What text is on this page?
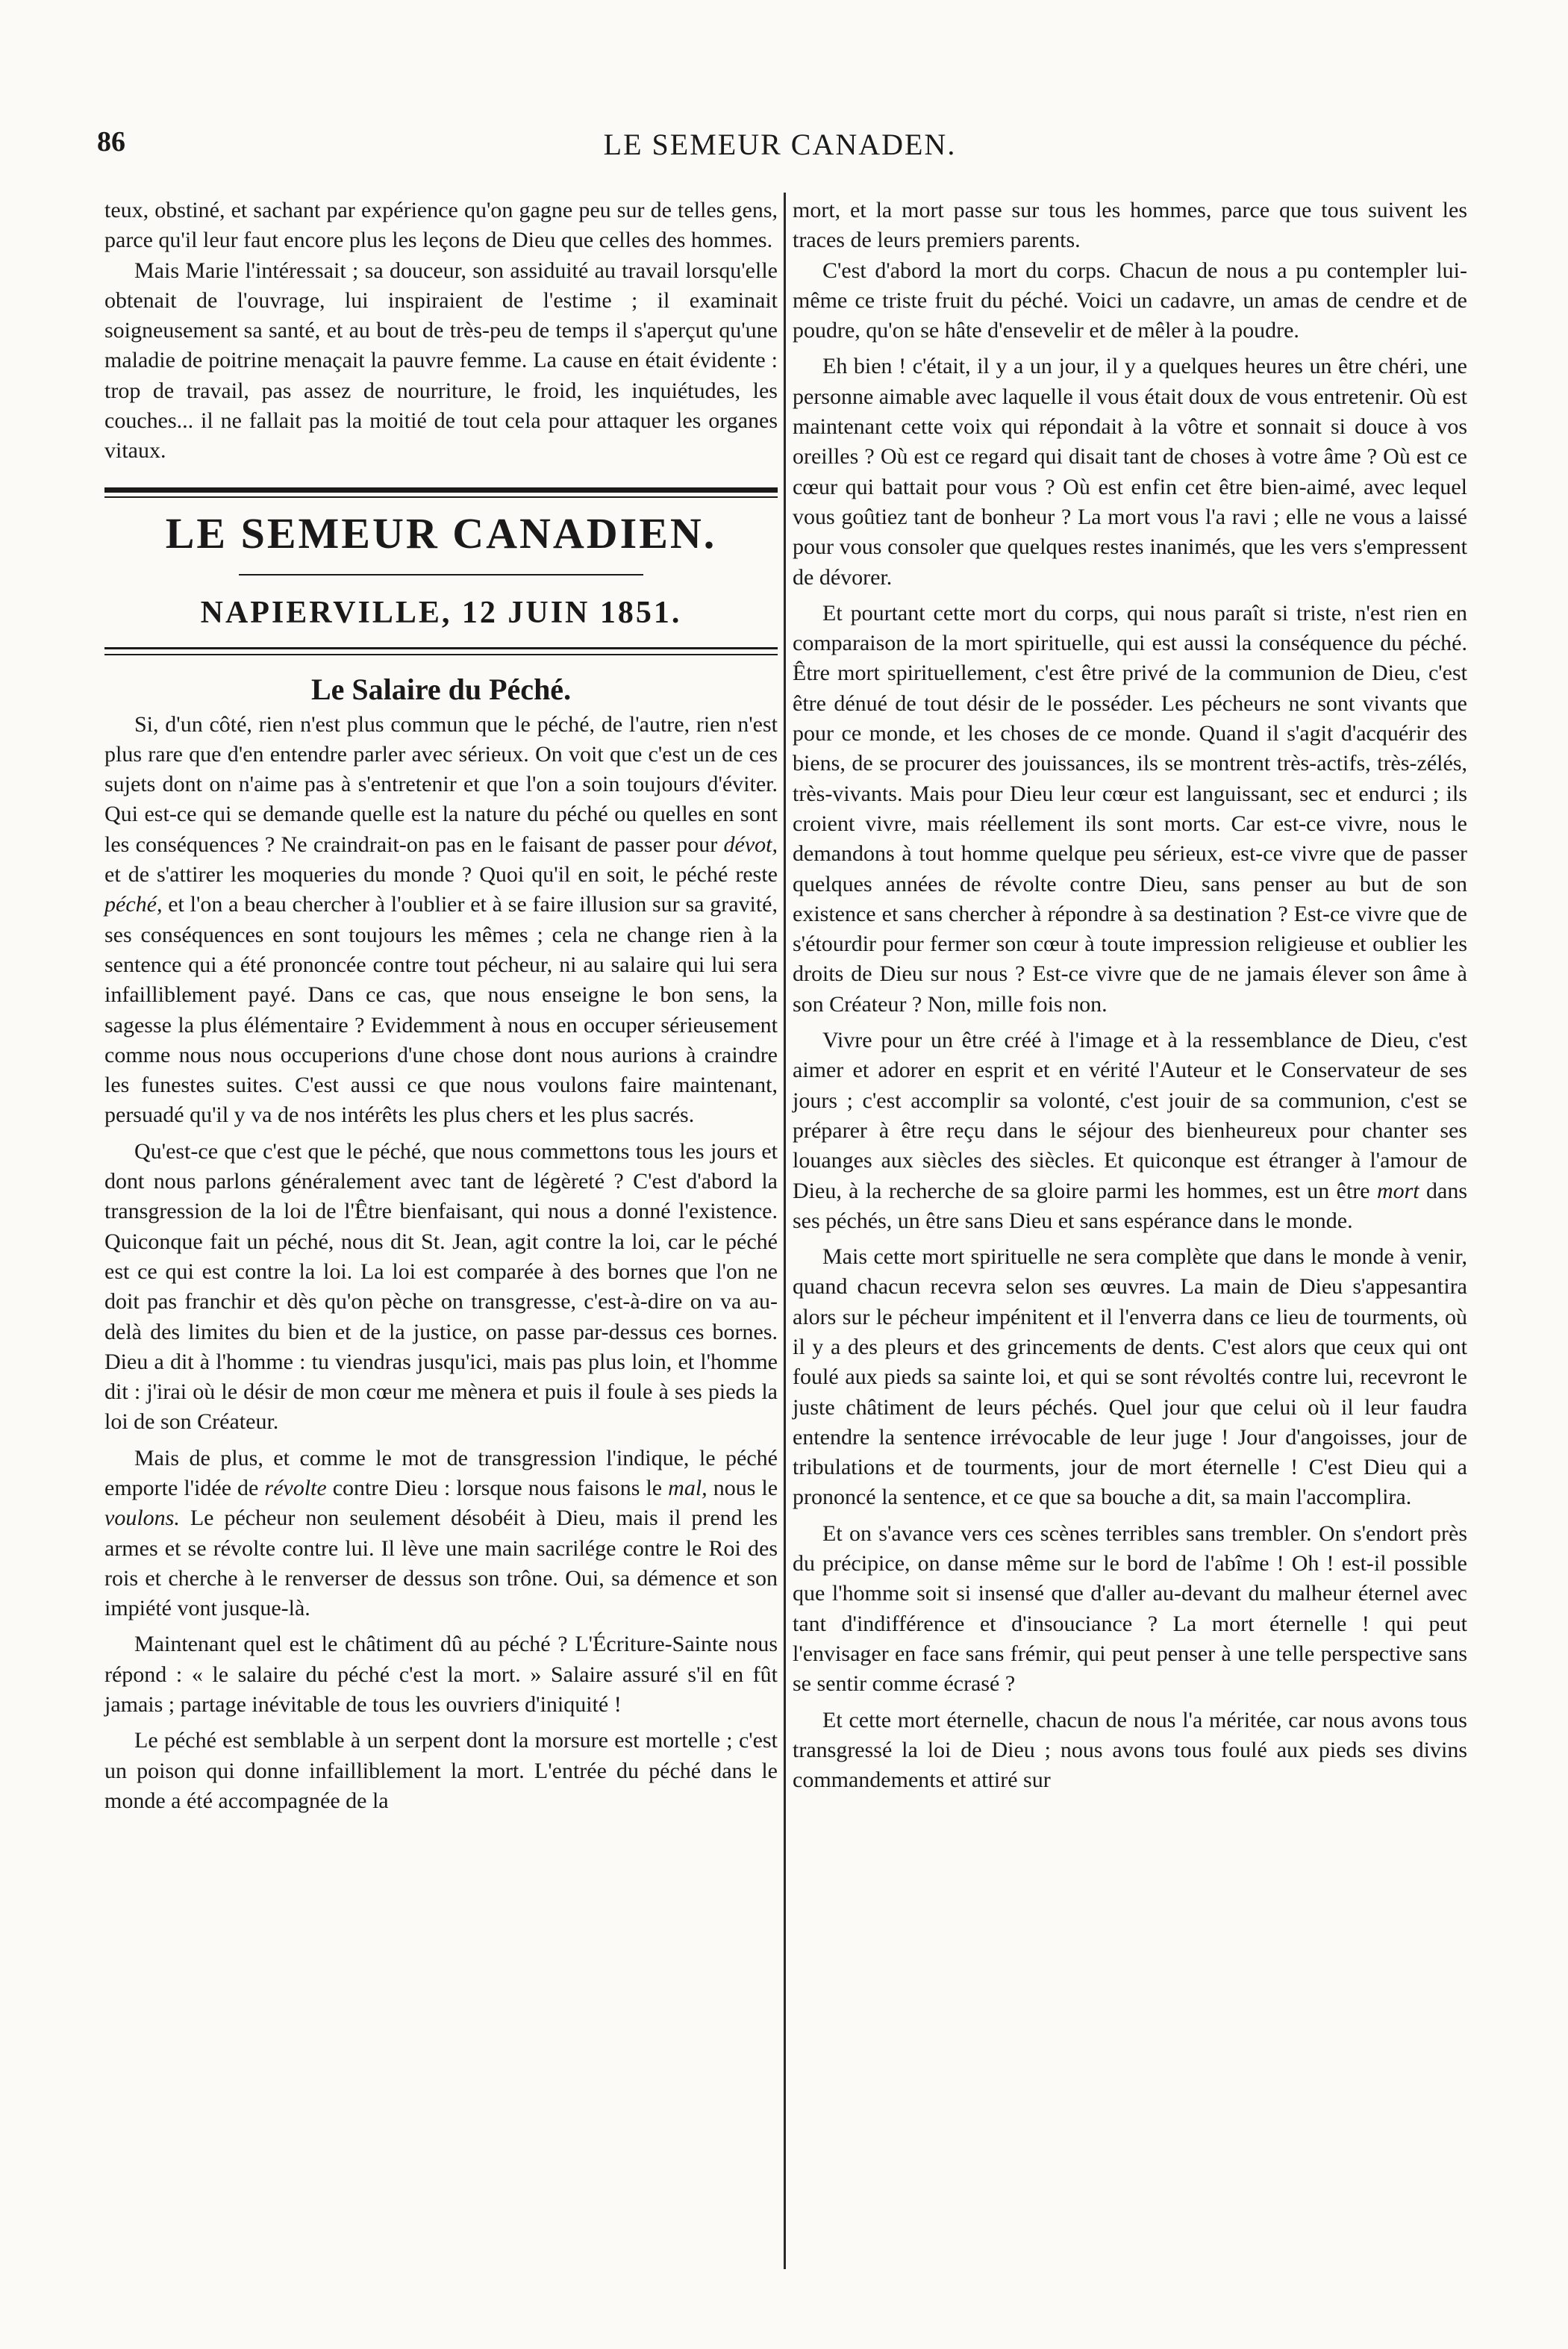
86	LE SEMEUR CANADEN.

teux, obstiné, et sachant par expérience qu'on gagne peu sur de telles gens, parce qu'il leur faut encore plus les leçons de Dieu que celles des hommes.

Mais Marie l'intéressait ; sa douceur, son assiduité au travail lorsqu'elle obtenait de l'ouvrage, lui inspiraient de l'estime ; il examinait soigneusement sa santé, et au bout de très-peu de temps il s'aperçut qu'une maladie de poitrine menaçait la pauvre femme. La cause en était évidente : trop de travail, pas assez de nourriture, le froid, les inquiétudes, les couches... il ne fallait pas la moitié de tout cela pour attaquer les organes vitaux.

LE SEMEUR CANADIEN.
NAPIERVILLE, 12 JUIN 1851.
Le Salaire du Péché.

Si, d'un côté, rien n'est plus commun que le péché, de l'autre, rien n'est plus rare que d'en entendre parler avec sérieux. On voit que c'est un de ces sujets dont on n'aime pas à s'entretenir et que l'on a soin toujours d'éviter. Qui est-ce qui se demande quelle est la nature du péché ou quelles en sont les conséquences ? Ne craindrait-on pas en le faisant de passer pour dévot, et de s'attirer les moqueries du monde ? Quoi qu'il en soit, le péché reste péché, et l'on a beau chercher à l'oublier et à se faire illusion sur sa gravité, ses conséquences en sont toujours les mêmes ; cela ne change rien à la sentence qui a été prononcée contre tout pécheur, ni au salaire qui lui sera infailliblement payé. Dans ce cas, que nous enseigne le bon sens, la sagesse la plus élémentaire ? Evidemment à nous en occuper sérieusement comme nous nous occuperions d'une chose dont nous aurions à craindre les funestes suites. C'est aussi ce que nous voulons faire maintenant, persuadé qu'il y va de nos intérêts les plus chers et les plus sacrés.

Qu'est-ce que c'est que le péché, que nous commettons tous les jours et dont nous parlons généralement avec tant de légèreté ? C'est d'abord la transgression de la loi de l'Être bienfaisant, qui nous a donné l'existence. Quiconque fait un péché, nous dit St. Jean, agit contre la loi, car le péché est ce qui est contre la loi. La loi est comparée à des bornes que l'on ne doit pas franchir et dès qu'on pèche on transgresse, c'est-à-dire on va au-delà des limites du bien et de la justice, on passe par-dessus ces bornes. Dieu a dit à l'homme : tu viendras jusqu'ici, mais pas plus loin, et l'homme dit : j'irai où le désir de mon cœur me mènera et puis il foule à ses pieds la loi de son Créateur.

Mais de plus, et comme le mot de transgression l'indique, le péché emporte l'idée de révolte contre Dieu : lorsque nous faisons le mal, nous le voulons. Le pécheur non seulement désobéit à Dieu, mais il prend les armes et se révolte contre lui. Il lève une main sacrilége contre le Roi des rois et cherche à le renverser de dessus son trône. Oui, sa démence et son impiété vont jusque-là.

Maintenant quel est le châtiment dû au péché ? L'Écriture-Sainte nous répond : « le salaire du péché c'est la mort. » Salaire assuré s'il en fût jamais ; partage inévitable de tous les ouvriers d'iniquité !

Le péché est semblable à un serpent dont la morsure est mortelle ; c'est un poison qui donne infailliblement la mort. L'entrée du péché dans le monde a été accompagnée de la

mort, et la mort passe sur tous les hommes, parce que tous suivent les traces de leurs premiers parents.

C'est d'abord la mort du corps. Chacun de nous a pu contempler lui-même ce triste fruit du péché. Voici un cadavre, un amas de cendre et de poudre, qu'on se hâte d'ensevelir et de mêler à la poudre.

Eh bien ! c'était, il y a un jour, il y a quelques heures un être chéri, une personne aimable avec laquelle il vous était doux de vous entretenir. Où est maintenant cette voix qui répondait à la vôtre et sonnait si douce à vos oreilles ? Où est ce regard qui disait tant de choses à votre âme ? Où est ce cœur qui battait pour vous ? Où est enfin cet être bien-aimé, avec lequel vous goûtiez tant de bonheur ? La mort vous l'a ravi ; elle ne vous a laissé pour vous consoler que quelques restes inanimés, que les vers s'empressent de dévorer.

Et pourtant cette mort du corps, qui nous paraît si triste, n'est rien en comparaison de la mort spirituelle, qui est aussi la conséquence du péché. Être mort spirituellement, c'est être privé de la communion de Dieu, c'est être dénué de tout désir de le posséder. Les pécheurs ne sont vivants que pour ce monde, et les choses de ce monde. Quand il s'agit d'acquérir des biens, de se procurer des jouissances, ils se montrent très-actifs, très-zélés, très-vivants. Mais pour Dieu leur cœur est languissant, sec et endurci ; ils croient vivre, mais réellement ils sont morts. Car est-ce vivre, nous le demandons à tout homme quelque peu sérieux, est-ce vivre que de passer quelques années de révolte contre Dieu, sans penser au but de son existence et sans chercher à répondre à sa destination ? Est-ce vivre que de s'étourdir pour fermer son cœur à toute impression religieuse et oublier les droits de Dieu sur nous ? Est-ce vivre que de ne jamais élever son âme à son Créateur ? Non, mille fois non.

Vivre pour un être créé à l'image et à la ressemblance de Dieu, c'est aimer et adorer en esprit et en vérité l'Auteur et le Conservateur de ses jours ; c'est accomplir sa volonté, c'est jouir de sa communion, c'est se préparer à être reçu dans le séjour des bienheureux pour chanter ses louanges aux siècles des siècles. Et quiconque est étranger à l'amour de Dieu, à la recherche de sa gloire parmi les hommes, est un être mort dans ses péchés, un être sans Dieu et sans espérance dans le monde.

Mais cette mort spirituelle ne sera complète que dans le monde à venir, quand chacun recevra selon ses œuvres. La main de Dieu s'appesantira alors sur le pécheur impénitent et il l'enverra dans ce lieu de tourments, où il y a des pleurs et des grincements de dents. C'est alors que ceux qui ont foulé aux pieds sa sainte loi, et qui se sont révoltés contre lui, recevront le juste châtiment de leurs péchés. Quel jour que celui où il leur faudra entendre la sentence irrévocable de leur juge ! Jour d'angoisses, jour de tribulations et de tourments, jour de mort éternelle ! C'est Dieu qui a prononcé la sentence, et ce que sa bouche a dit, sa main l'accomplira.

Et on s'avance vers ces scènes terribles sans trembler. On s'endort près du précipice, on danse même sur le bord de l'abîme ! Oh ! est-il possible que l'homme soit si insensé que d'aller au-devant du malheur éternel avec tant d'indifférence et d'insouciance ? La mort éternelle ! qui peut l'envisager en face sans frémir, qui peut penser à une telle perspective sans se sentir comme écrasé ?

Et cette mort éternelle, chacun de nous l'a méritée, car nous avons tous transgressé la loi de Dieu ; nous avons tous foulé aux pieds ses divins commandements et attiré sur
